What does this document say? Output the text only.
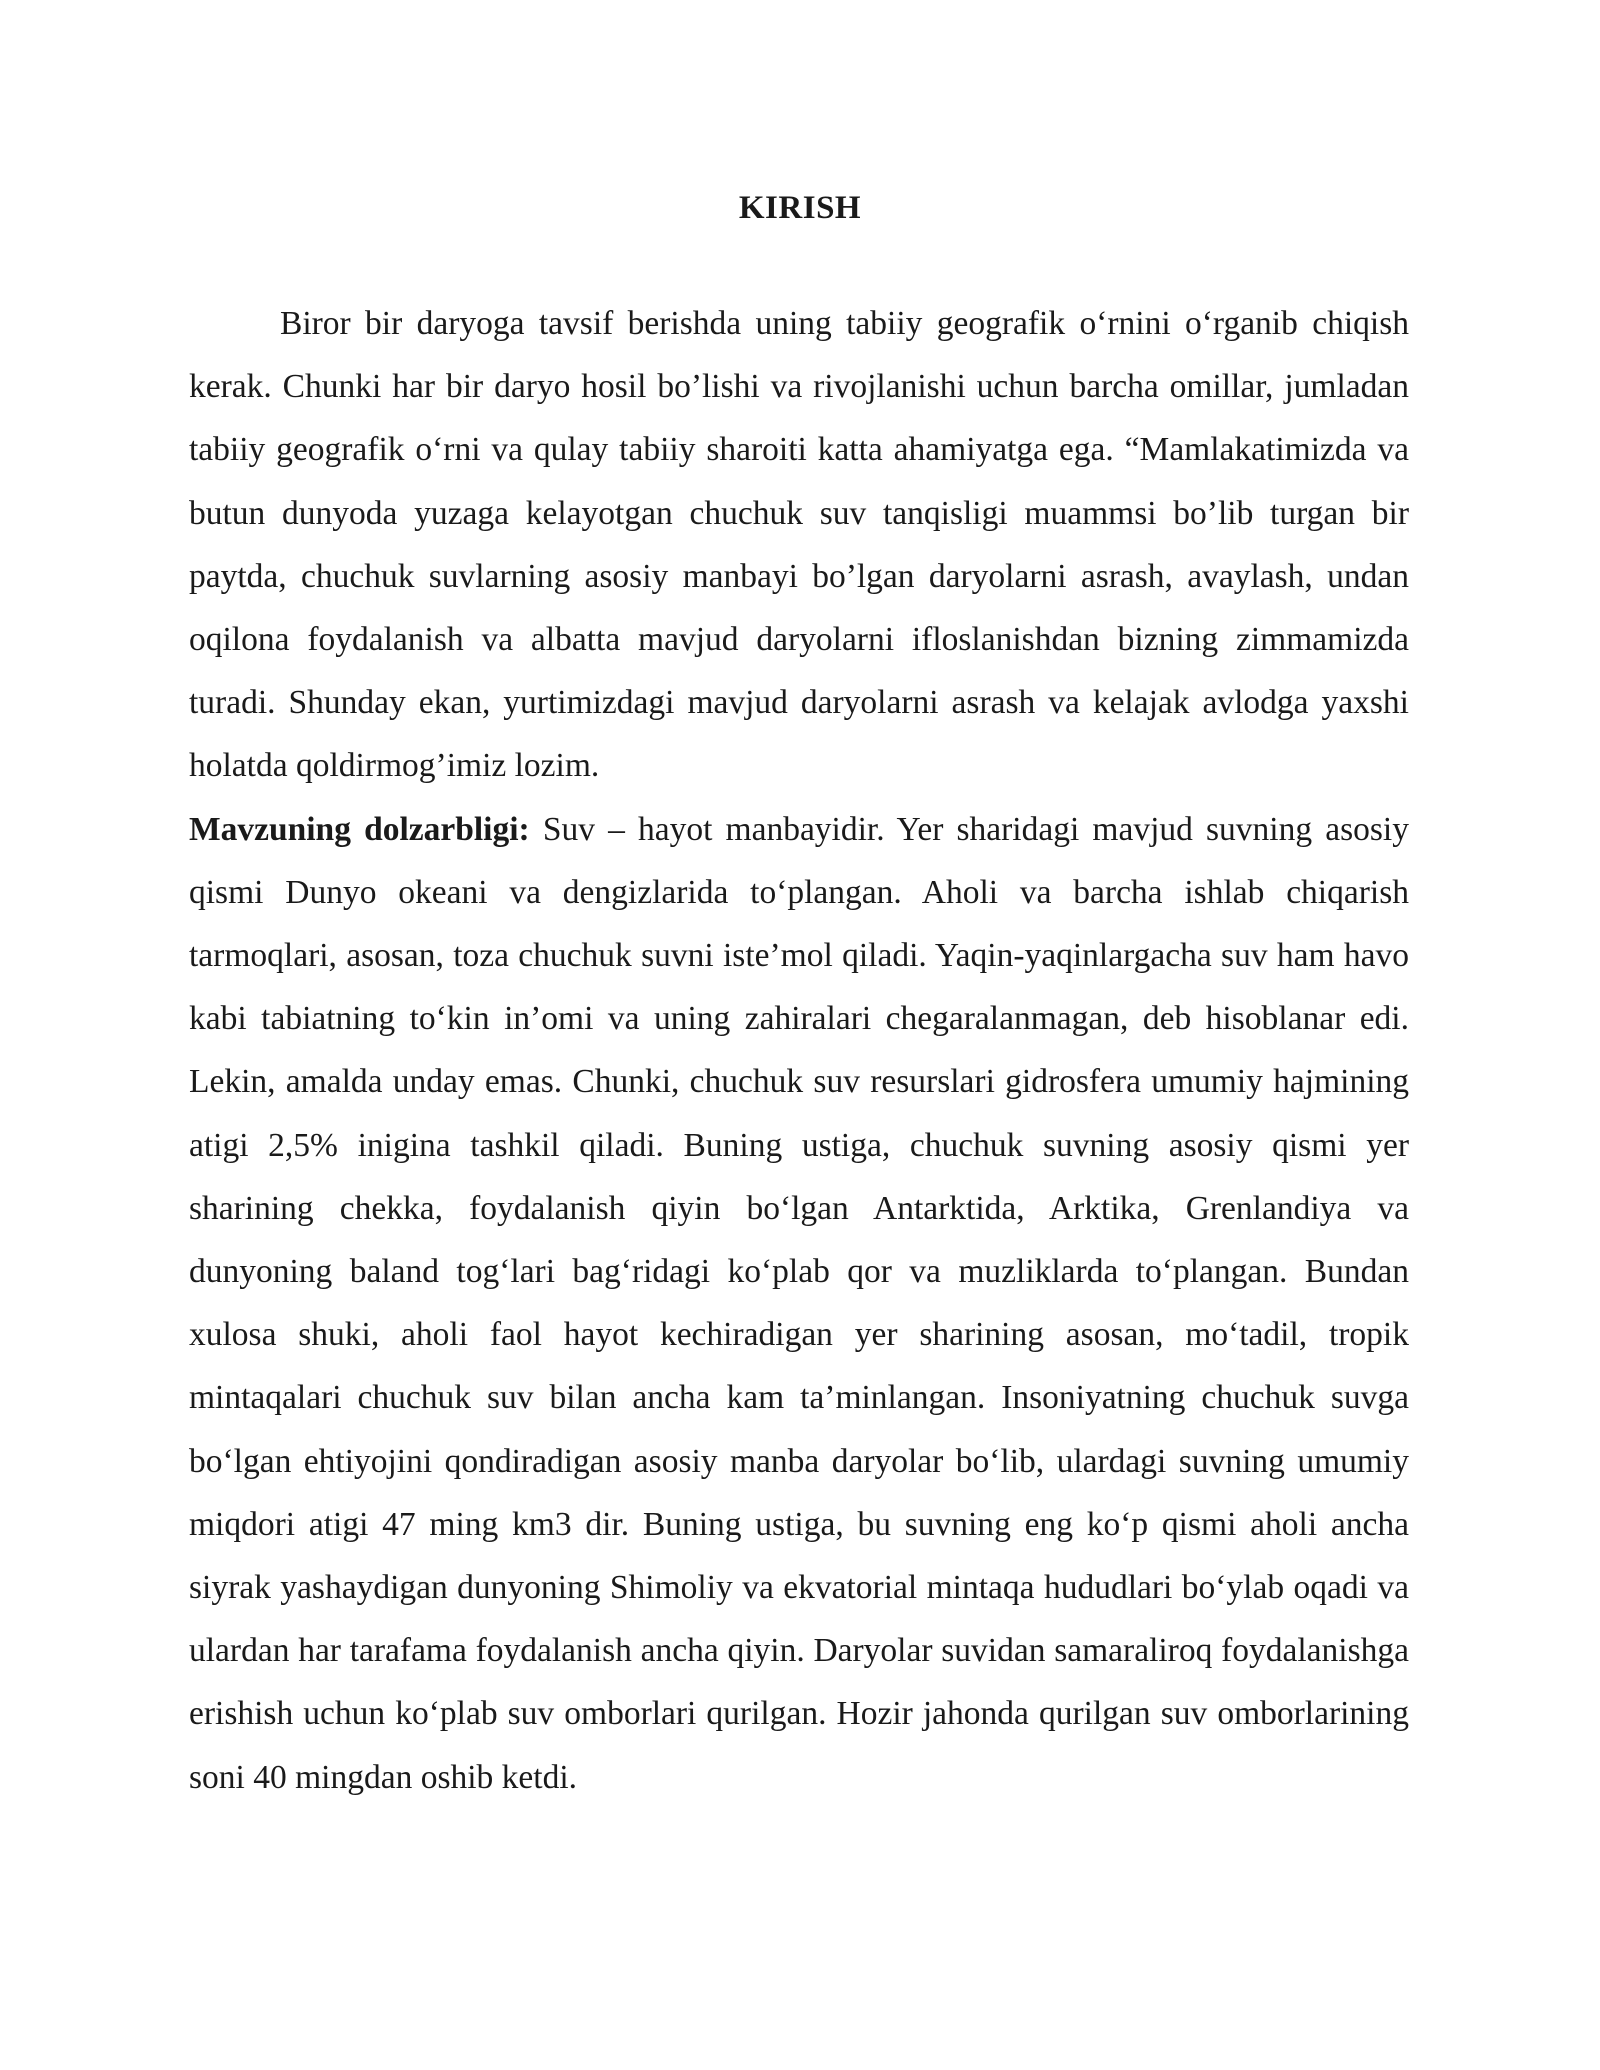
KIRISH

Biror bir daryoga tavsif berishda uning tabiiy geografik o‘rnini o‘rganib chiqish kerak. Chunki har bir daryo hosil bo’lishi va rivojlanishi uchun barcha omillar, jumladan tabiiy geografik o‘rni va qulay tabiiy sharoiti katta ahamiyatga ega. “Mamlakatimizda va butun dunyoda yuzaga kelayotgan chuchuk suv tanqisligi muammsi bo’lib turgan bir paytda, chuchuk suvlarning asosiy manbayi bo’lgan daryolarni asrash, avaylash, undan oqilona foydalanish va albatta mavjud daryolarni ifloslanishdan bizning zimmamizda turadi. Shunday ekan, yurtimizdagi mavjud daryolarni asrash va kelajak avlodga yaxshi holatda qoldirmog’imiz lozim.

Mavzuning dolzarbligi: Suv – hayot manbayidir. Yer sharidagi mavjud suvning asosiy qismi Dunyo okeani va dengizlarida to‘plangan. Aholi va barcha ishlab chiqarish tarmoqlari, asosan, toza chuchuk suvni iste’mol qiladi. Yaqin-yaqinlargacha suv ham havo kabi tabiatning to‘kin in’omi va uning zahiralari chegaralanmagan, deb hisoblanar edi. Lekin, amalda unday emas. Chunki, chuchuk suv resurslari gidrosfera umumiy hajmining atigi 2,5% inigina tashkil qiladi. Buning ustiga, chuchuk suvning asosiy qismi yer sharining chekka, foydalanish qiyin bo‘lgan Antarktida, Arktika, Grenlandiya va dunyoning baland tog‘lari bag‘ridagi ko‘plab qor va muzliklarda to‘plangan. Bundan xulosa shuki, aholi faol hayot kechiradigan yer sharining asosan, mo‘tadil, tropik mintaqalari chuchuk suv bilan ancha kam ta’minlangan. Insoniyatning chuchuk suvga bo‘lgan ehtiyojini qondiradigan asosiy manba daryolar bo‘lib, ulardagi suvning umumiy miqdori atigi 47 ming km3 dir. Buning ustiga, bu suvning eng ko‘p qismi aholi ancha siyrak yashaydigan dunyoning Shimoliy va ekvatorial mintaqa hududlari bo‘ylab oqadi va ulardan har tarafama foydalanish ancha qiyin. Daryolar suvidan samaraliroq foydalanishga erishish uchun ko‘plab suv omborlari qurilgan. Hozir jahonda qurilgan suv omborlarining soni 40 mingdan oshib ketdi.
